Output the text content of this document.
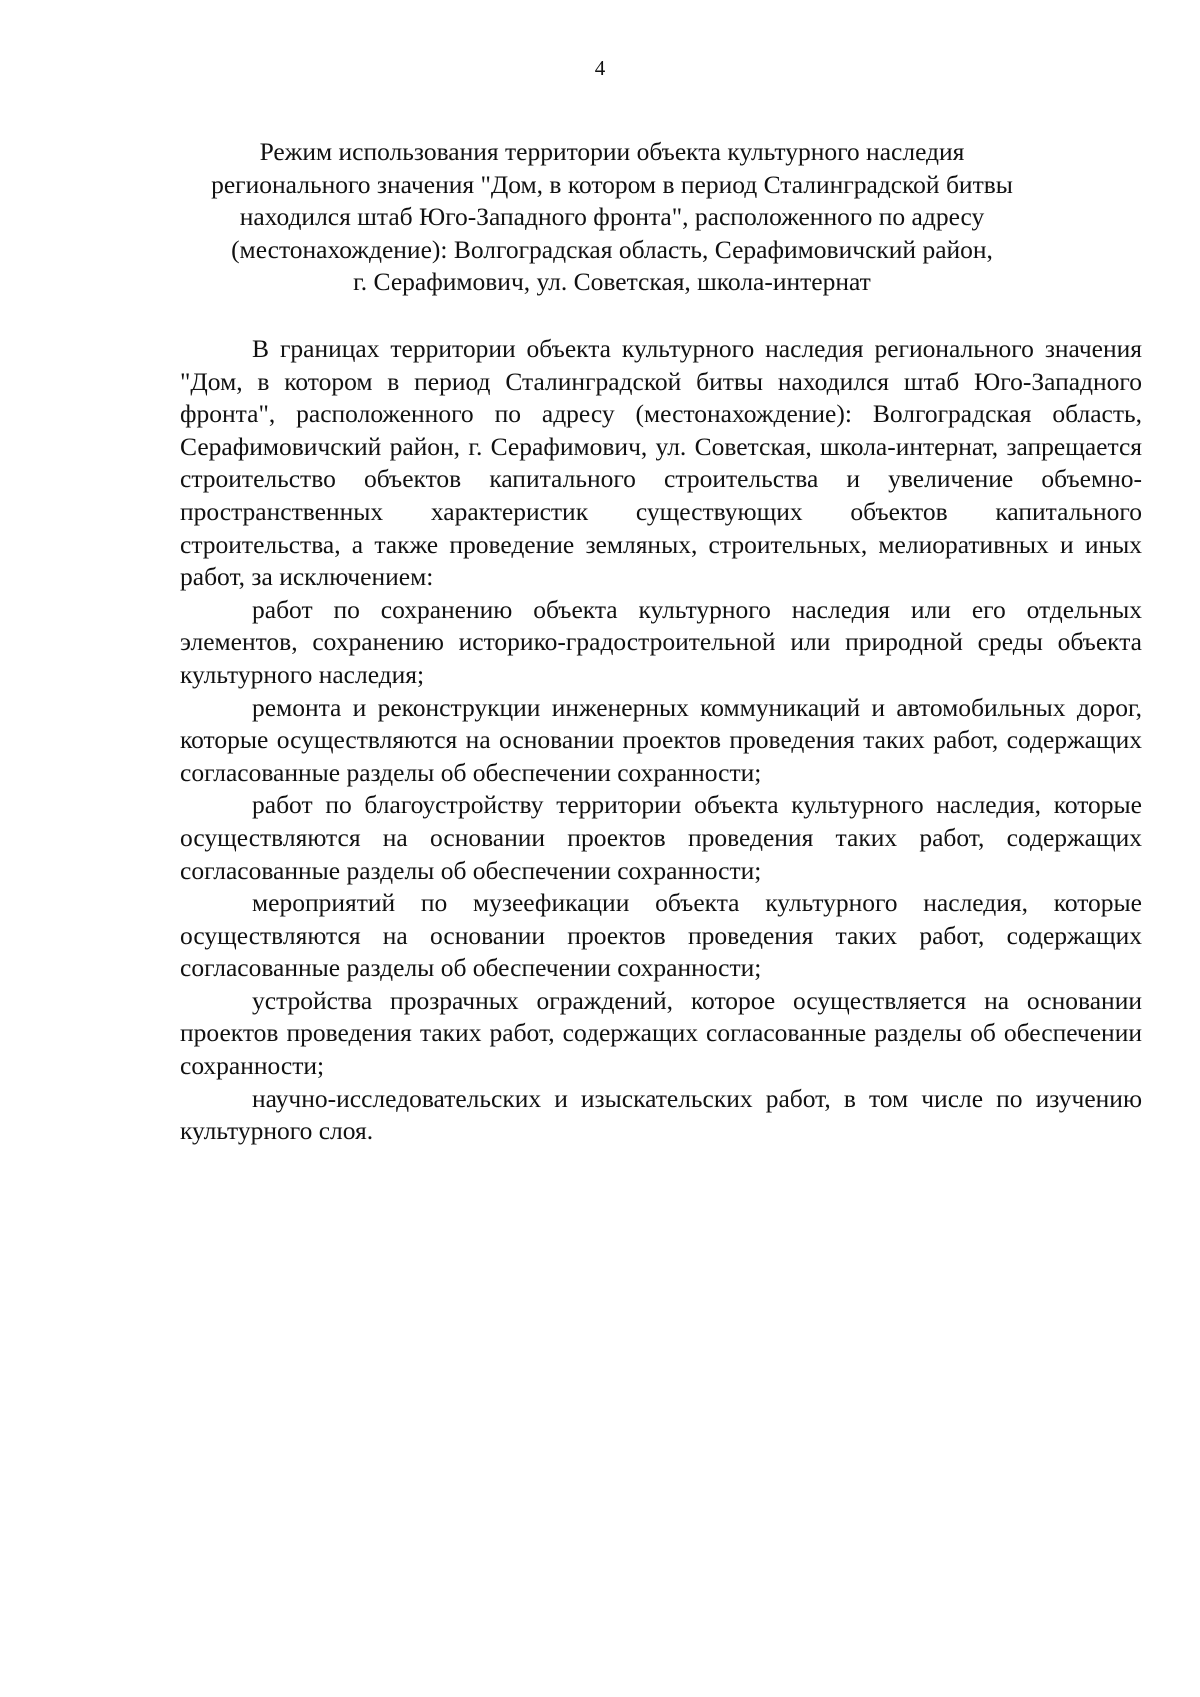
4
Режим использования территории объекта культурного наследия
регионального значения "Дом, в котором в период Сталинградской битвы
находился штаб Юго-Западного фронта", расположенного по адресу
(местонахождение): Волгоградская область, Серафимовичский район,
г. Серафимович, ул. Советская, школа-интернат

В границах территории объекта культурного наследия регионального значения "Дом, в котором в период Сталинградской битвы находился штаб Юго-Западного фронта", расположенного по адресу (местонахождение): Волгоградская область, Серафимовичский район, г. Серафимович, ул. Советская, школа-интернат, запрещается строительство объектов капитального строительства и увеличение объемно-пространственных характеристик существующих объектов капитального строительства, а также проведение земляных, строительных, мелиоративных и иных работ, за исключением:

работ по сохранению объекта культурного наследия или его отдельных элементов, сохранению историко-градостроительной или природной среды объекта культурного наследия;

ремонта и реконструкции инженерных коммуникаций и автомобильных дорог, которые осуществляются на основании проектов проведения таких работ, содержащих согласованные разделы об обеспечении сохранности;

работ по благоустройству территории объекта культурного наследия, которые осуществляются на основании проектов проведения таких работ, содержащих согласованные разделы об обеспечении сохранности;

мероприятий по музеефикации объекта культурного наследия, которые осуществляются на основании проектов проведения таких работ, содержащих согласованные разделы об обеспечении сохранности;

устройства прозрачных ограждений, которое осуществляется на основании проектов проведения таких работ, содержащих согласованные разделы об обеспечении сохранности;

научно-исследовательских и изыскательских работ, в том числе по изучению культурного слоя.
